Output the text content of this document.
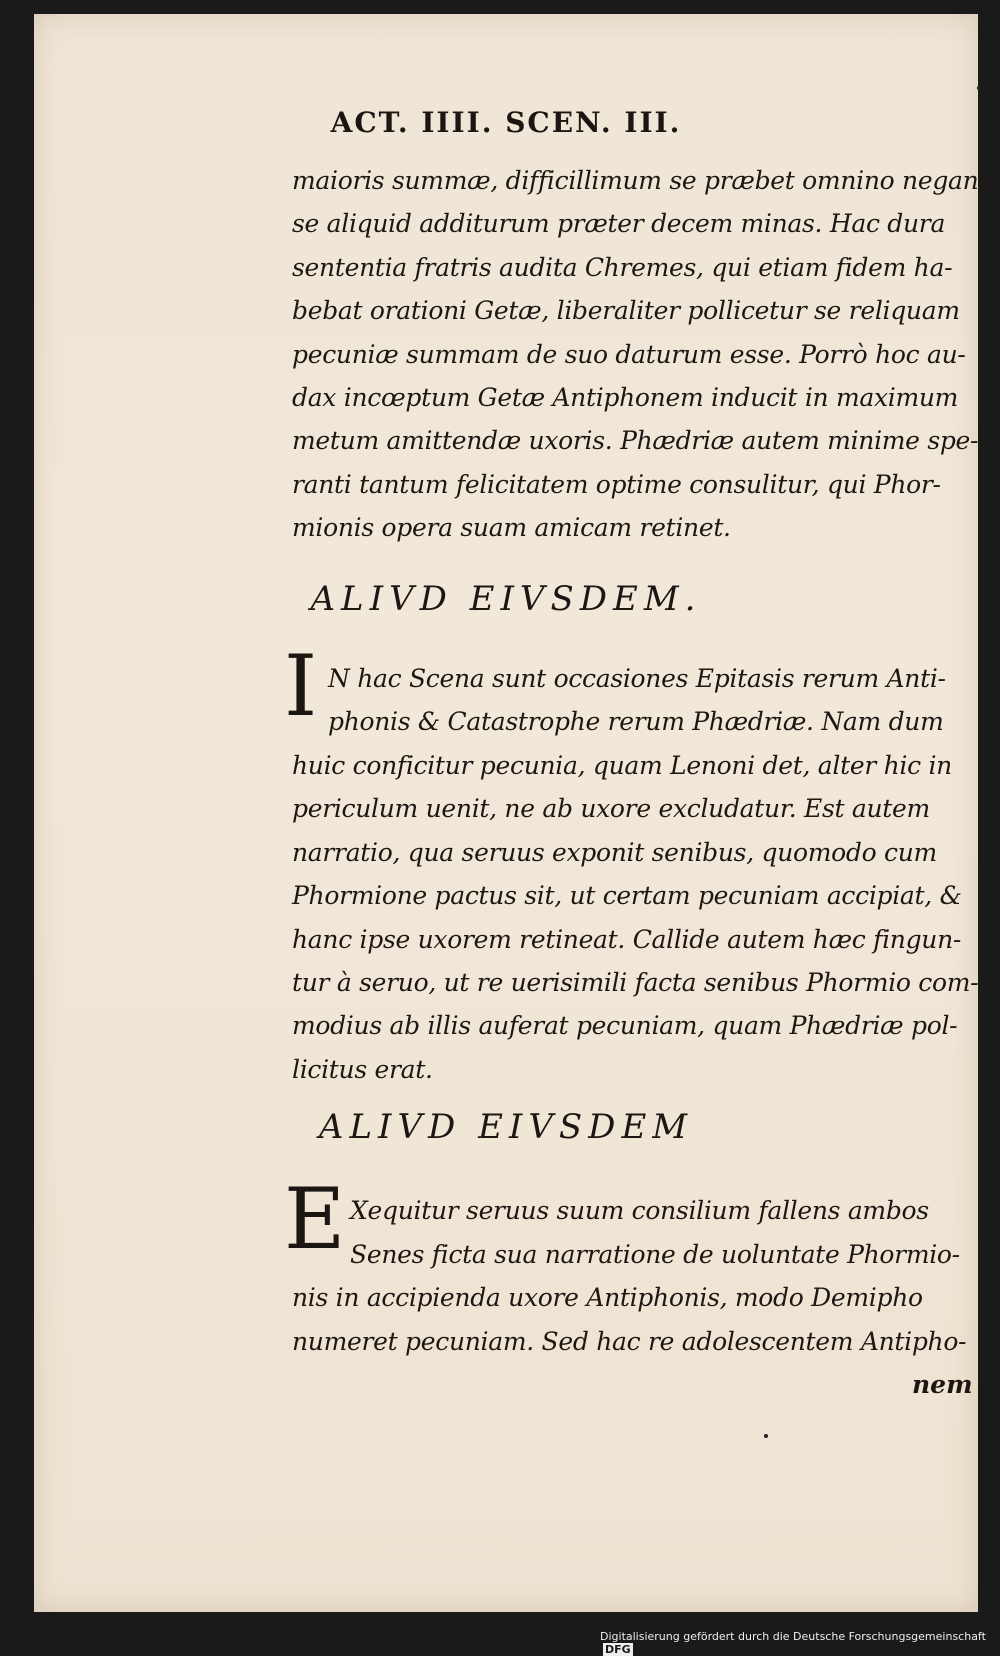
ACT. IIII. SCEN. III.
maioris summæ, difficillimum se præbet omnino negans
se aliquid additurum præter decem minas. Hac dura
sententia fratris audita Chremes, qui etiam fidem ha-
bebat orationi Getæ, liberaliter pollicetur se reliquam
pecuniæ summam de suo daturum esse. Porrò hoc au-
dax incœptum Getæ Antiphonem inducit in maximum
metum amittendæ uxoris. Phædriæ autem minime spe-
ranti tantum felicitatem optime consulitur, qui Phor-
mionis opera suam amicam retinet.
ALIVD EIVSDEM.
I N hac Scena sunt occasiones Epitasis rerum Anti-
phonis & Catastrophe rerum Phædriæ. Nam dum
huic conficitur pecunia, quam Lenoni det, alter hic in
periculum uenit, ne ab uxore excludatur. Est autem
narratio, qua seruus exponit senibus, quomodo cum
Phormione pactus sit, ut certam pecuniam accipiat, &
hanc ipse uxorem retineat. Callide autem hæc fingun-
tur à seruo, ut re uerisimili facta senibus Phormio com-
modius ab illis auferat pecuniam, quam Phædriæ pol-
licitus erat.
ALIVD EIVSDEM
E Xequitur seruus suum consilium fallens ambos
Senes ficta sua narratione de uoluntate Phormio-
nis in accipienda uxore Antiphonis, modo Demipho
numeret pecuniam. Sed hac re adolescentem Antipho-
nem
Digitalisierung gefördert durch die Deutsche Forschungsgemeinschaft DFG
